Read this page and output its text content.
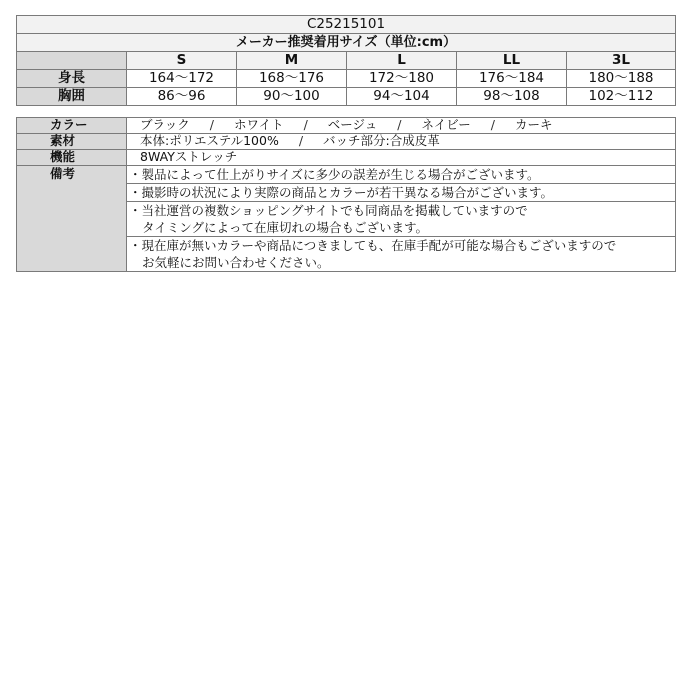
C25215101					
メーカー推奨着用サイズ（単位:cm）					
	S	M	L	LL	3L
身長	164～172	168～176	172～180	176～184	180～188
胸囲	86～96	90～100	94～104	98～108	102～112
カラー	ブラック / ホワイト / ベージュ / ネイビー / カーキ
素材	本体:ポリエステル100% / バッチ部分:合成皮革
機能	8WAYストレッチ
備考	・製品によって仕上がりサイズに多少の誤差が生じる場合がございます。

	・撮影時の状況により実際の商品とカラーが若干異なる場合がございます。

	・当社運営の複数ショッピングサイトでも同商品を掲載していますので
タイミングによって在庫切れの場合もございます。

	・現在庫が無いカラーや商品につきましても、在庫手配が可能な場合もございますので
お気軽にお問い合わせください。
